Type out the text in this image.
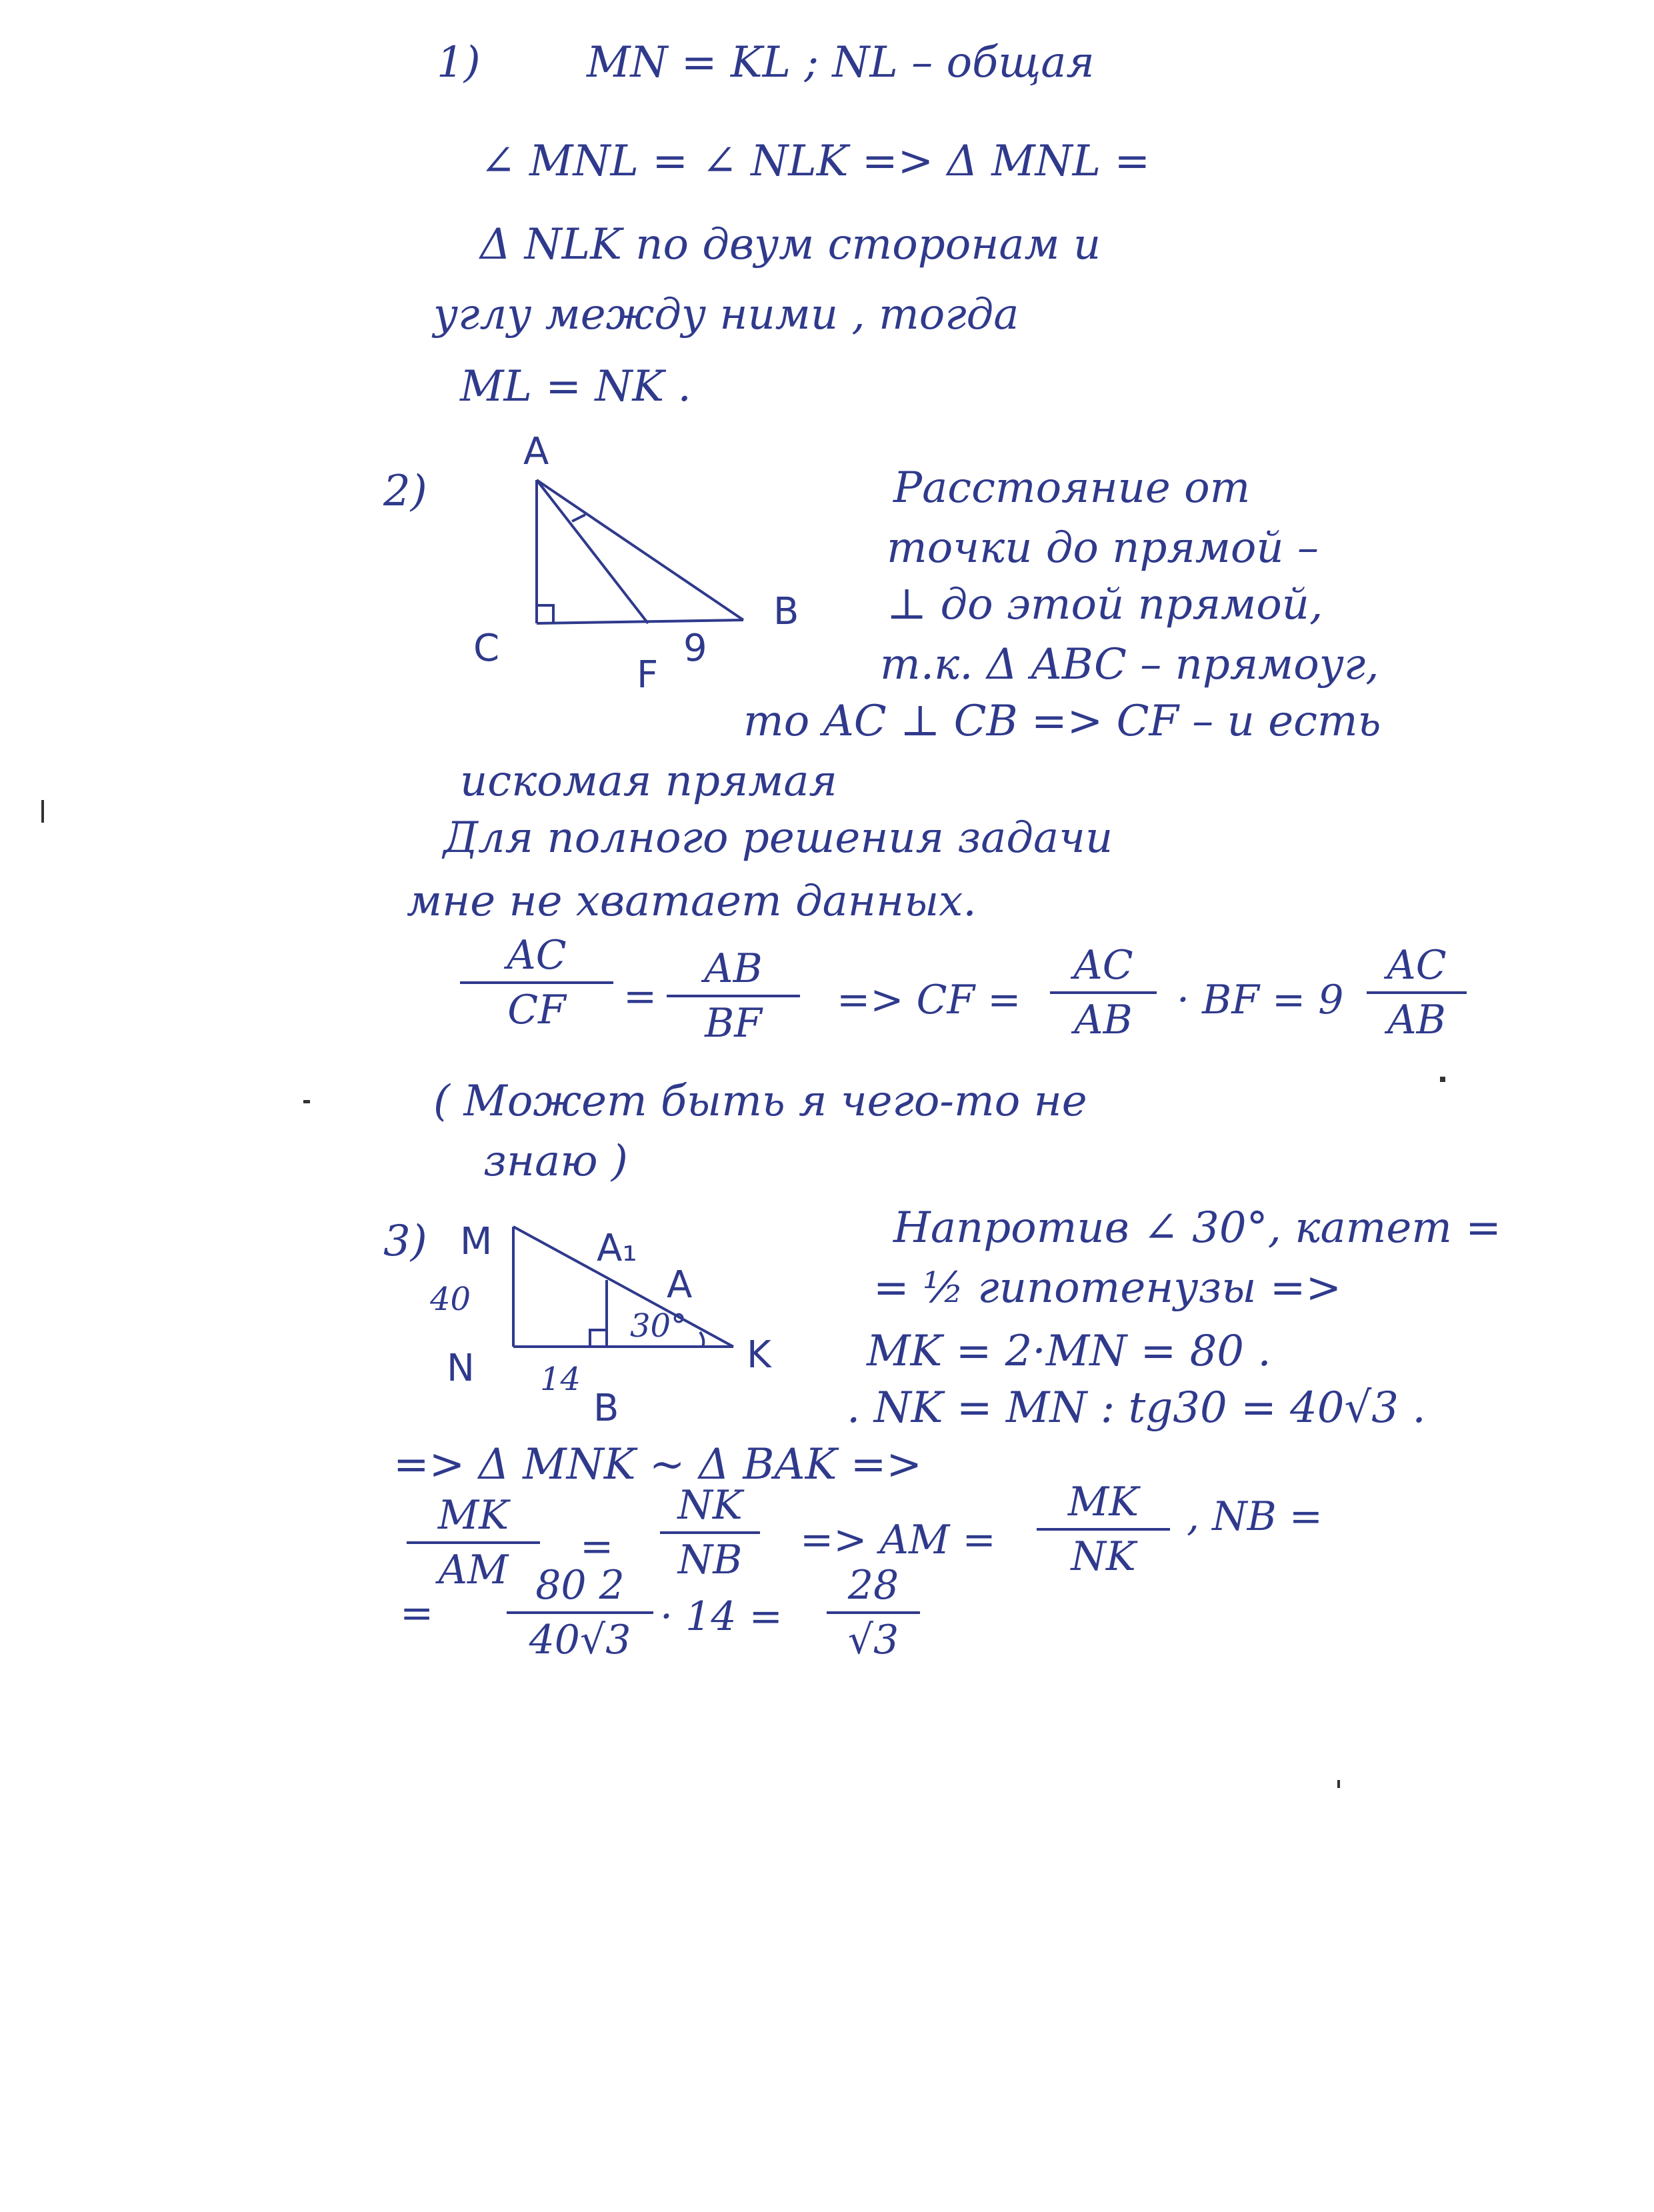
1) MN = KL ; NL – общая
∠ MNL = ∠ NLK => Δ MNL =
Δ NLK по двум сторонам и
углу между ними , тогда
ML = NK .
2)
A
B
C
F
9
Расстояние от
точки до прямой –
⊥ до этой прямой,
т.к. Δ ABC – прямоуг,
то AC ⊥ CB => CF – и есть
искомая прямая
Для полного решения задачи
мне не хватает данных.
AC
CF	=
AB
BF	=> CF =
AC
AB	· BF = 9
AC
AB
( Может быть я чего-то не
знаю )
3) M
N	K
A
A₁
B
40
14
30°
Напротив ∠ 30°, катет =
= ½ гипотенузы =>
MK = 2·MN = 80 .
. NK = MN : tg30 = 40√3 .
=> Δ MNK ~ Δ BAK =>
MK
AM	=
NK
NB	=> AM =
MK
NK
, NB =
=
80 2
40√3 · 14 =
28
√3
